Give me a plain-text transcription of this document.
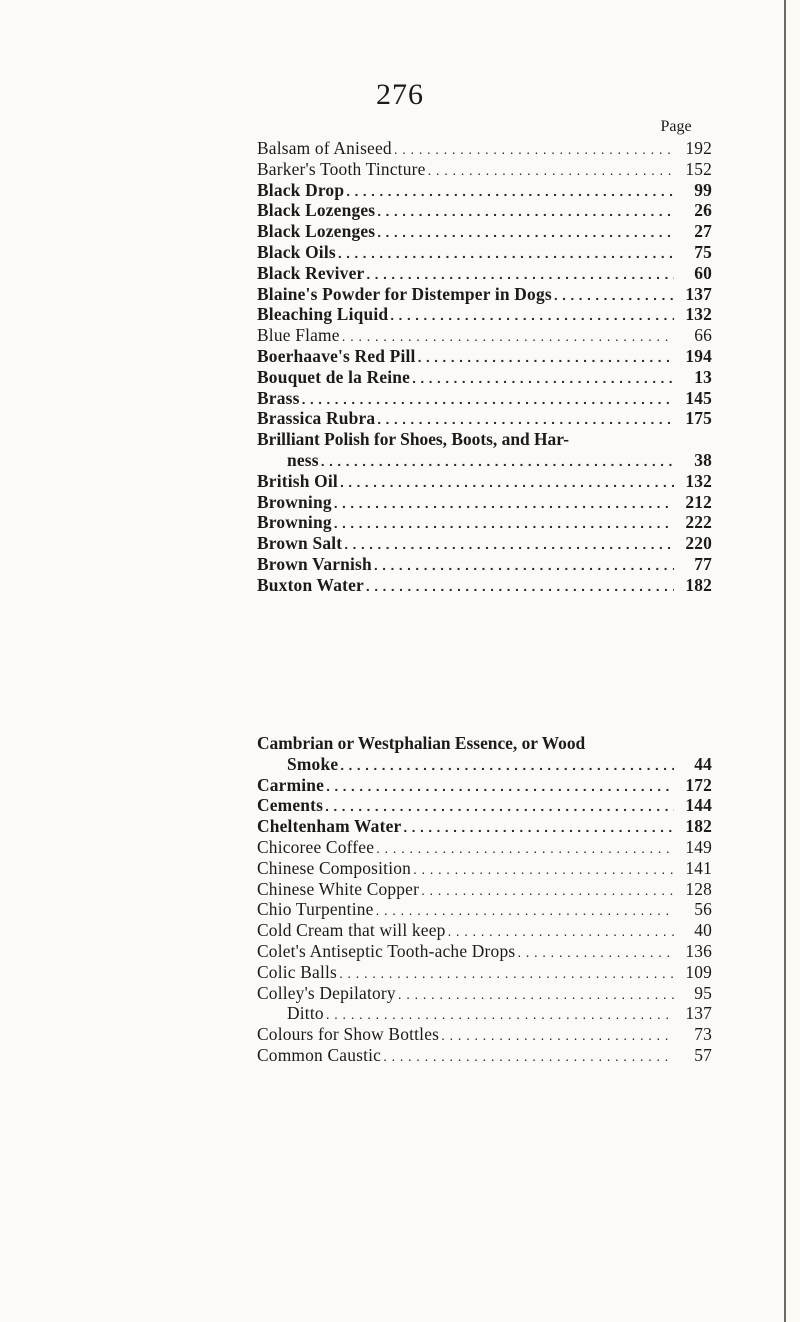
276
Page
Balsam of Aniseed . . .	192
Barker's Tooth Tincture . . .	152
Black Drop . . .	99
Black Lozenges . . .	26
Black Lozenges . . .	27
Black Oils . . .	75
Black Reviver . . .	60
Blaine's Powder for Distemper in Dogs . . .	137
Bleaching Liquid . . .	132
Blue Flame . . .	66
Boerhaave's Red Pill . . .	194
Bouquet de la Reine . . .	13
Brass . . .	145
Brassica Rubra . . .	175
Brilliant Polish for Shoes, Boots, and Har-
ness . . .	38
British Oil . . .	132
Browning . . .	212
Browning . . .	222
Brown Salt . . .	220
Brown Varnish . . .	77
Buxton Water . . .	182
Cambrian or Westphalian Essence, or Wood
Smoke . . .	44
Carmine . . .	172
Cements . . .	144
Cheltenham Water . . .	182
Chicoree Coffee . . .	149
Chinese Composition . . .	141
Chinese White Copper . . .	128
Chio Turpentine . . .	56
Cold Cream that will keep . . .	40
Colet's Antiseptic Tooth-ache Drops . . .	136
Colic Balls . . .	109
Colley's Depilatory . . .	95
Ditto . . .	137
Colours for Show Bottles . . .	73
Common Caustic . . .	57
